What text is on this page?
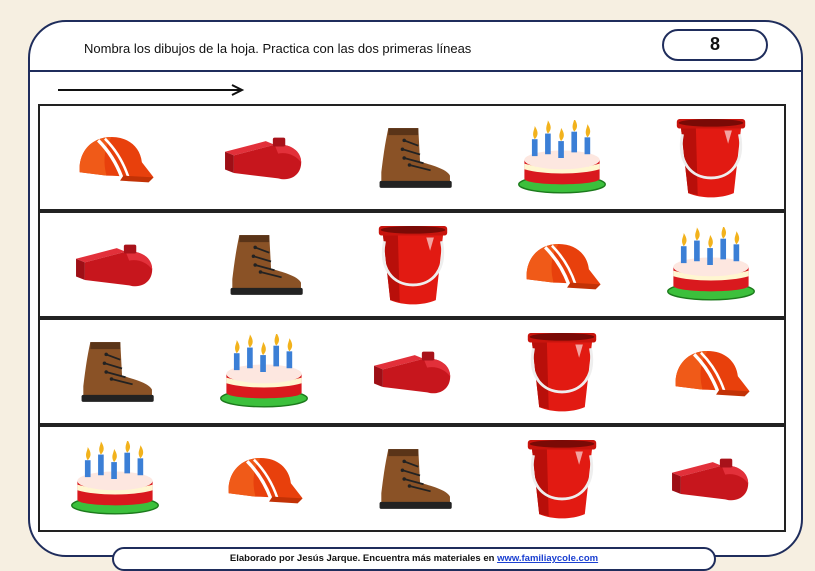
Nombra los dibujos de la hoja. Practica con las dos primeras líneas	8
Elaborado por Jesús Jarque. Encuentra más materiales en www.familiaycole.com
